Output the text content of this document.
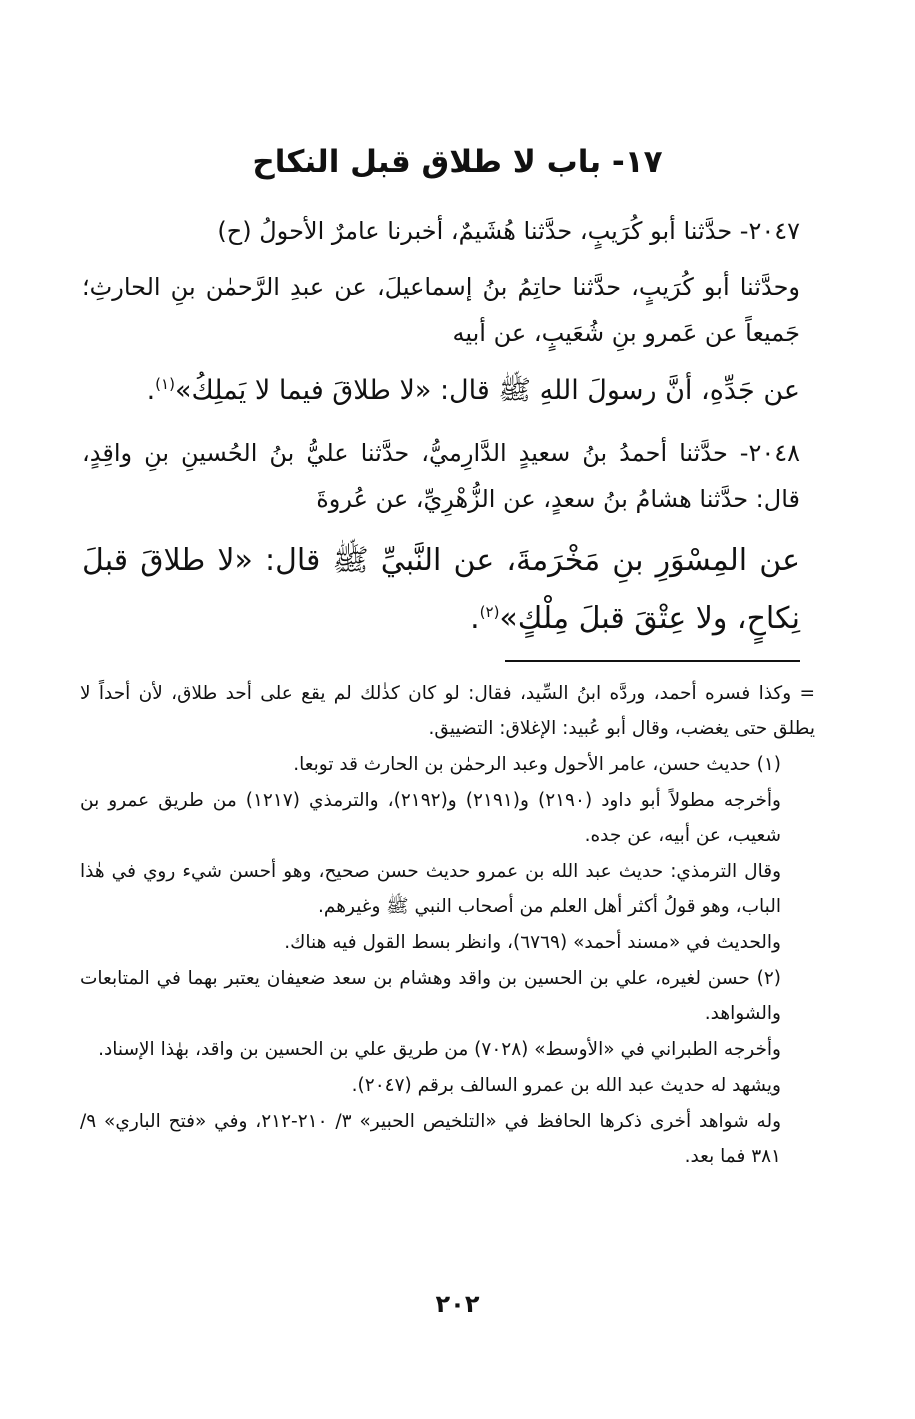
١٧- باب لا طلاق قبل النكاح

٢٠٤٧- حدَّثنا أبو كُرَيبٍ، حدَّثنا هُشَيمٌ، أخبرنا عامرٌ الأحولُ (ح)

وحدَّثنا أبو كُرَيبٍ، حدَّثنا حاتِمُ بنُ إسماعيلَ، عن عبدِ الرَّحمٰن بنِ الحارثِ؛ جَميعاً عن عَمرو بنِ شُعَيبٍ، عن أبيه

عن جَدِّهِ، أنَّ رسولَ اللهِ ﷺ قال: «لا طلاقَ فيما لا يَملِكُ»$^{(١)}$.

٢٠٤٨- حدَّثنا أحمدُ بنُ سعيدٍ الدَّارِميُّ، حدَّثنا عليُّ بنُ الحُسينِ بنِ واقِدٍ، قال: حدَّثنا هشامُ بنُ سعدٍ، عن الزُّهْرِيِّ، عن عُروةَ

عن المِسْوَرِ بنِ مَخْرَمةَ، عن النَّبيِّ ﷺ قال: «لا طلاقَ قبلَ نِكاحٍ، ولا عِتْقَ قبلَ مِلْكٍ»$^{(٢)}$.

= وكذا فسره أحمد، وردَّه ابنُ السِّيد، فقال: لو كان كذٰلك لم يقع على أحد طلاق، لأن أحداً لا يطلق حتى يغضب، وقال أبو عُبيد: الإغلاق: التضييق.

(١) حديث حسن، عامر الأحول وعبد الرحمٰن بن الحارث قد توبعا.

وأخرجه مطولاً أبو داود (٢١٩٠) و(٢١٩١) و(٢١٩٢)، والترمذي (١٢١٧) من طريق عمرو بن شعيب، عن أبيه، عن جده.

وقال الترمذي: حديث عبد الله بن عمرو حديث حسن صحيح، وهو أحسن شيء روي في هٰذا الباب، وهو قولُ أكثر أهل العلم من أصحاب النبي ﷺ وغيرهم.

والحديث في «مسند أحمد» (٦٧٦٩)، وانظر بسط القول فيه هناك.

(٢) حسن لغيره، علي بن الحسين بن واقد وهشام بن سعد ضعيفان يعتبر بهما في المتابعات والشواهد.

وأخرجه الطبراني في «الأوسط» (٧٠٢٨) من طريق علي بن الحسين بن واقد، بهٰذا الإسناد.

ويشهد له حديث عبد الله بن عمرو السالف برقم (٢٠٤٧).

وله شواهد أخرى ذكرها الحافظ في «التلخيص الحبير» ٣/ ٢١٠-٢١٢، وفي «فتح الباري» ٩/ ٣٨١ فما بعد.

٢٠٢
